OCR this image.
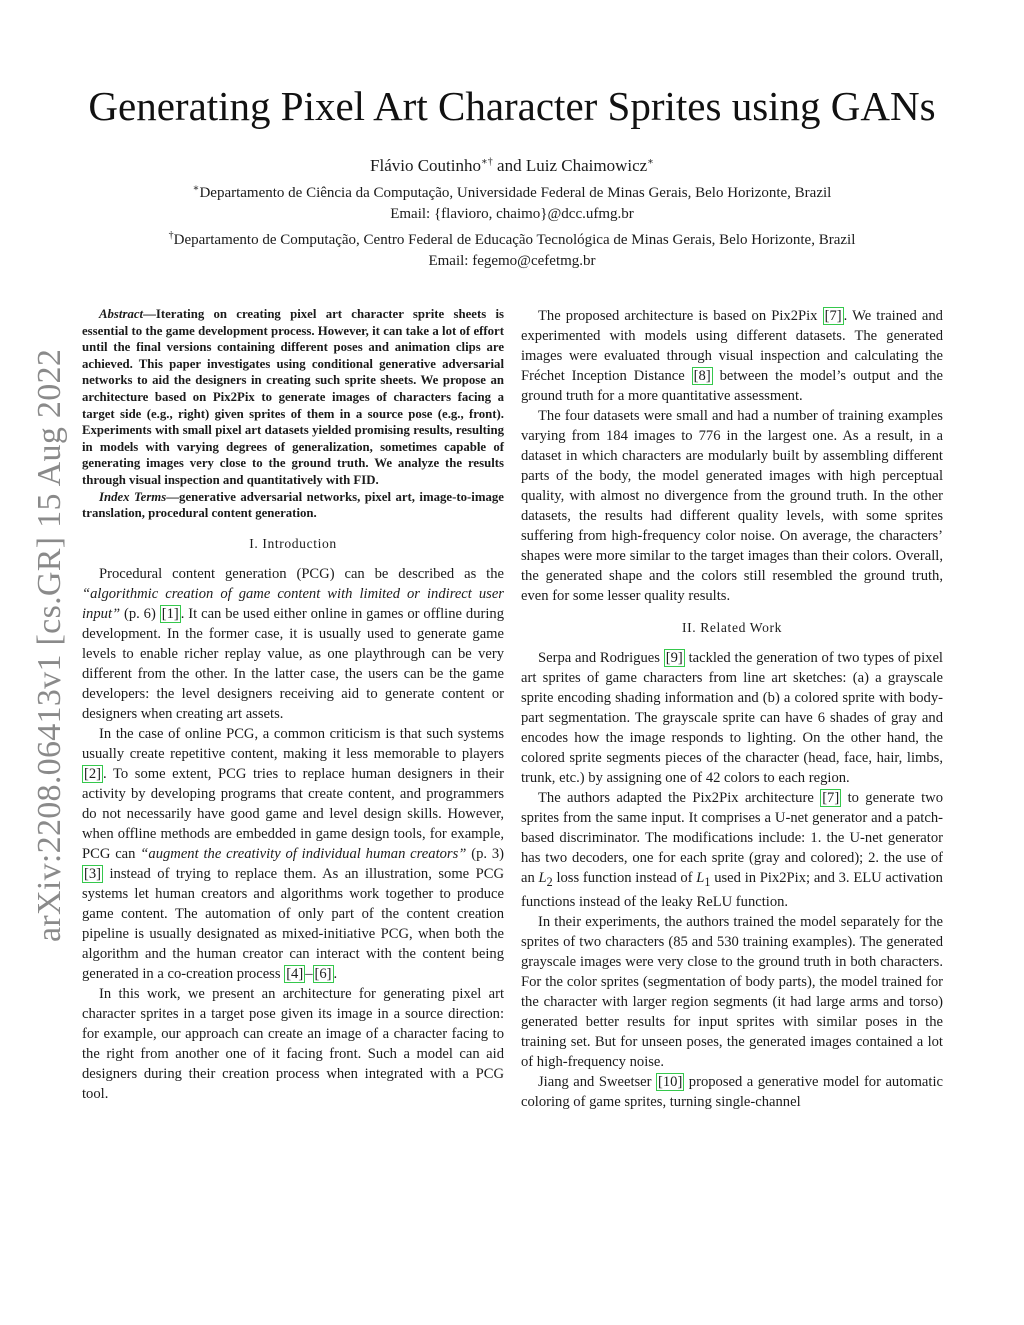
arXiv:2208.06413v1 [cs.GR] 15 Aug 2022
Generating Pixel Art Character Sprites using GANs
Flávio Coutinho∗† and Luiz Chaimowicz∗
∗Departamento de Ciência da Computação, Universidade Federal de Minas Gerais, Belo Horizonte, Brazil
Email: {flavioro, chaimo}@dcc.ufmg.br
†Departamento de Computação, Centro Federal de Educação Tecnológica de Minas Gerais, Belo Horizonte, Brazil
Email: fegemo@cefetmg.br

Abstract—Iterating on creating pixel art character sprite sheets is essential to the game development process. However, it can take a lot of effort until the final versions containing different poses and animation clips are achieved. This paper investigates using conditional generative adversarial networks to aid the designers in creating such sprite sheets. We propose an architecture based on Pix2Pix to generate images of characters facing a target side (e.g., right) given sprites of them in a source pose (e.g., front). Experiments with small pixel art datasets yielded promising results, resulting in models with varying degrees of generalization, sometimes capable of generating images very close to the ground truth. We analyze the results through visual inspection and quantitatively with FID.

Index Terms—generative adversarial networks, pixel art, image-to-image translation, procedural content generation.

I. Introduction

Procedural content generation (PCG) can be described as the “algorithmic creation of game content with limited or indirect user input” (p. 6) [1] . It can be used either online in games or offline during development. In the former case, it is usually used to generate game levels to enable richer replay value, as one playthrough can be very different from the other. In the latter case, the users can be the game developers: the level designers receiving aid to generate content or designers when creating art assets.

In the case of online PCG, a common criticism is that such systems usually create repetitive content, making it less memorable to players [2] . To some extent, PCG tries to replace human designers in their activity by developing programs that create content, and programmers do not necessarily have good game and level design skills. However, when offline methods are embedded in game design tools, for example, PCG can “augment the creativity of individual human creators” (p. 3) [3] instead of trying to replace them. As an illustration, some PCG systems let human creators and algorithms work together to produce game content. The automation of only part of the content creation pipeline is usually designated as mixed-initiative PCG, when both the algorithm and the human creator can interact with the content being generated in a co-creation process [4] – [6] .

In this work, we present an architecture for generating pixel art character sprites in a target pose given its image in a source direction: for example, our approach can create an image of a character facing to the right from another one of it facing front. Such a model can aid designers during their creation process when integrated with a PCG tool.

The proposed architecture is based on Pix2Pix [7] . We trained and experimented with models using different datasets. The generated images were evaluated through visual inspection and calculating the Fréchet Inception Distance [8] between the model’s output and the ground truth for a more quantitative assessment.

The four datasets were small and had a number of training examples varying from 184 images to 776 in the largest one. As a result, in a dataset in which characters are modularly built by assembling different parts of the body, the model generated images with high perceptual quality, with almost no divergence from the ground truth. In the other datasets, the results had different quality levels, with some sprites suffering from high-frequency color noise. On average, the characters’ shapes were more similar to the target images than their colors. Overall, the generated shape and the colors still resembled the ground truth, even for some lesser quality results.

II. Related Work

Serpa and Rodrigues [9] tackled the generation of two types of pixel art sprites of game characters from line art sketches: (a) a grayscale sprite encoding shading information and (b) a colored sprite with body-part segmentation. The grayscale sprite can have 6 shades of gray and encodes how the image responds to lighting. On the other hand, the colored sprite segments pieces of the character (head, face, hair, limbs, trunk, etc.) by assigning one of 42 colors to each region.

The authors adapted the Pix2Pix architecture [7] to generate two sprites from the same input. It comprises a U-net generator and a patch-based discriminator. The modifications include: 1. the U-net generator has two decoders, one for each sprite (gray and colored); 2. the use of an $L_2$ loss function instead of $L_1$ used in Pix2Pix; and 3. ELU activation functions instead of the leaky ReLU function.

In their experiments, the authors trained the model separately for the sprites of two characters (85 and 530 training examples). The generated grayscale images were very close to the ground truth in both characters. For the color sprites (segmentation of body parts), the model trained for the character with larger region segments (it had large arms and torso) generated better results for input sprites with similar poses in the training set. But for unseen poses, the generated images contained a lot of high-frequency noise.

Jiang and Sweetser [10] proposed a generative model for automatic coloring of game sprites, turning single-channel
